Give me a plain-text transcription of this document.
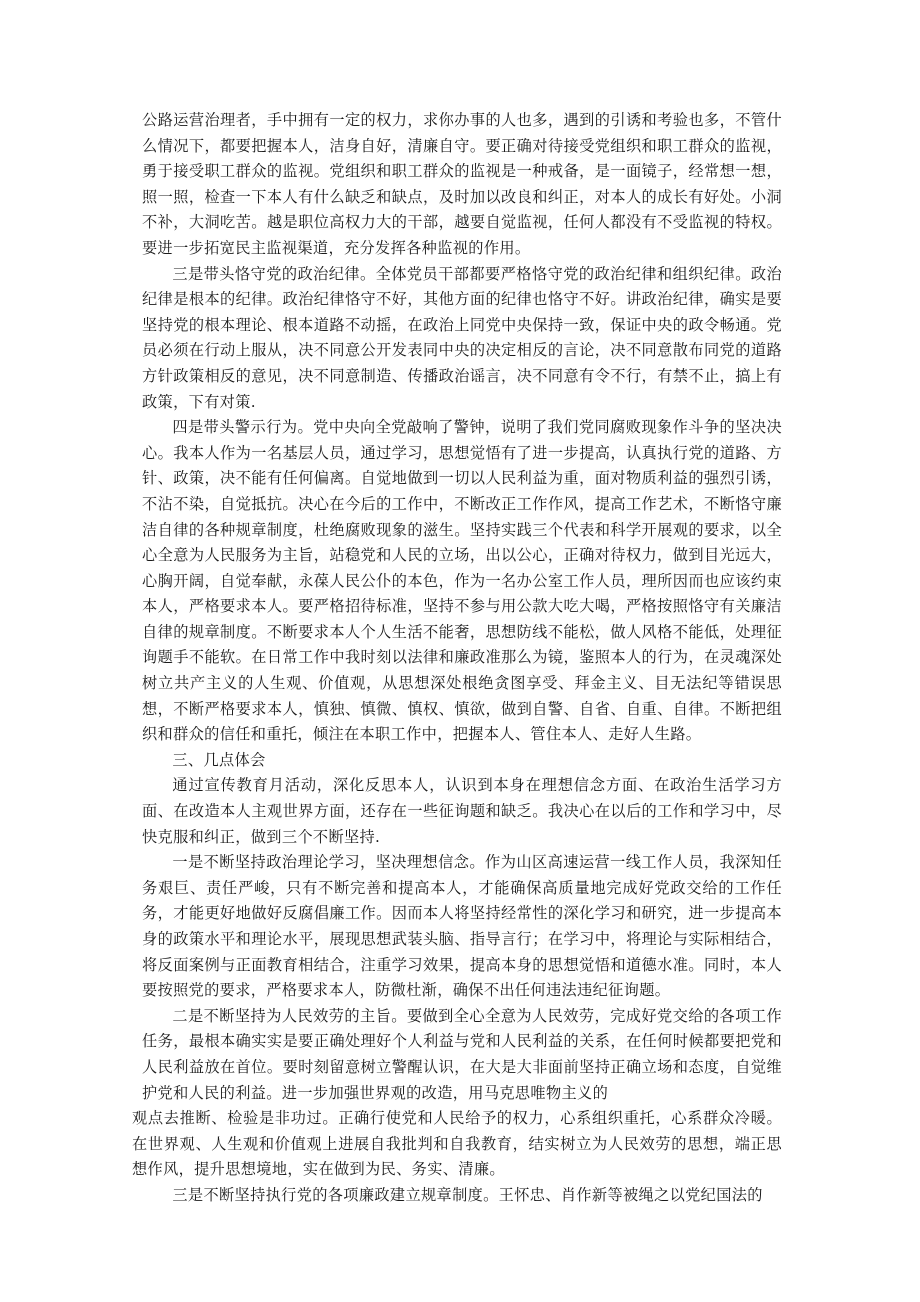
公路运营治理者，手中拥有一定的权力，求你办事的人也多，遇到的引诱和考验也多，不管什么情况下，都要把握本人，洁身自好，清廉自守。要正确对待接受党组织和职工群众的监视，勇于接受职工群众的监视。党组织和职工群众的监视是一种戒备，是一面镜子，经常想一想，照一照，检查一下本人有什么缺乏和缺点，及时加以改良和纠正，对本人的成长有好处。小洞不补，大洞吃苦。越是职位高权力大的干部，越要自觉监视，任何人都没有不受监视的特权。要进一步拓宽民主监视渠道，充分发挥各种监视的作用。

三是带头恪守党的政治纪律。全体党员干部都要严格恪守党的政治纪律和组织纪律。政治纪律是根本的纪律。政治纪律恪守不好，其他方面的纪律也恪守不好。讲政治纪律，确实是要坚持党的根本理论、根本道路不动摇，在政治上同党中央保持一致，保证中央的政令畅通。党员必须在行动上服从，决不同意公开发表同中央的决定相反的言论，决不同意散布同党的道路方针政策相反的意见，决不同意制造、传播政治谣言，决不同意有令不行，有禁不止，搞上有政策，下有对策.

四是带头警示行为。党中央向全党敲响了警钟，说明了我们党同腐败现象作斗争的坚决决心。我本人作为一名基层人员，通过学习，思想觉悟有了进一步提高，认真执行党的道路、方针、政策，决不能有任何偏离。自觉地做到一切以人民利益为重，面对物质利益的强烈引诱，不沾不染，自觉抵抗。决心在今后的工作中，不断改正工作作风，提高工作艺术，不断恪守廉洁自律的各种规章制度，杜绝腐败现象的滋生。坚持实践三个代表和科学开展观的要求，以全心全意为人民服务为主旨，站稳党和人民的立场，出以公心，正确对待权力，做到目光远大，心胸开阔，自觉奉献，永葆人民公仆的本色，作为一名办公室工作人员，理所因而也应该约束本人，严格要求本人。要严格招待标准，坚持不参与用公款大吃大喝，严格按照恪守有关廉洁自律的规章制度。不断要求本人个人生活不能奢，思想防线不能松，做人风格不能低，处理征询题手不能软。在日常工作中我时刻以法律和廉政准那么为镜，鉴照本人的行为，在灵魂深处树立共产主义的人生观、价值观，从思想深处根绝贪图享受、拜金主义、目无法纪等错误思想，不断严格要求本人，慎独、慎微、慎权、慎欲，做到自警、自省、自重、自律。不断把组织和群众的信任和重托，倾注在本职工作中，把握本人、管住本人、走好人生路。

三、几点体会

通过宣传教育月活动，深化反思本人，认识到本身在理想信念方面、在政治生活学习方面、在改造本人主观世界方面，还存在一些征询题和缺乏。我决心在以后的工作和学习中，尽快克服和纠正，做到三个不断坚持.

一是不断坚持政治理论学习，坚决理想信念。作为山区高速运营一线工作人员，我深知任务艰巨、责任严峻，只有不断完善和提高本人，才能确保高质量地完成好党政交给的工作任务，才能更好地做好反腐倡廉工作。因而本人将坚持经常性的深化学习和研究，进一步提高本身的政策水平和理论水平，展现思想武装头脑、指导言行；在学习中，将理论与实际相结合，将反面案例与正面教育相结合，注重学习效果，提高本身的思想觉悟和道德水准。同时，本人要按照党的要求，严格要求本人，防微杜渐，确保不出任何违法违纪征询题。

二是不断坚持为人民效劳的主旨。要做到全心全意为人民效劳，完成好党交给的各项工作任务，最根本确实实是要正确处理好个人利益与党和人民利益的关系，在任何时候都要把党和人民利益放在首位。要时刻留意树立警醒认识，在大是大非面前坚持正确立场和态度，自觉维护党和人民的利益。进一步加强世界观的改造，用马克思唯物主义的

观点去推断、检验是非功过。正确行使党和人民给予的权力，心系组织重托，心系群众冷暖。在世界观、人生观和价值观上进展自我批判和自我教育，结实树立为人民效劳的思想，端正思想作风，提升思想境地，实在做到为民、务实、清廉。

三是不断坚持执行党的各项廉政建立规章制度。王怀忠、肖作新等被绳之以党纪国法的
